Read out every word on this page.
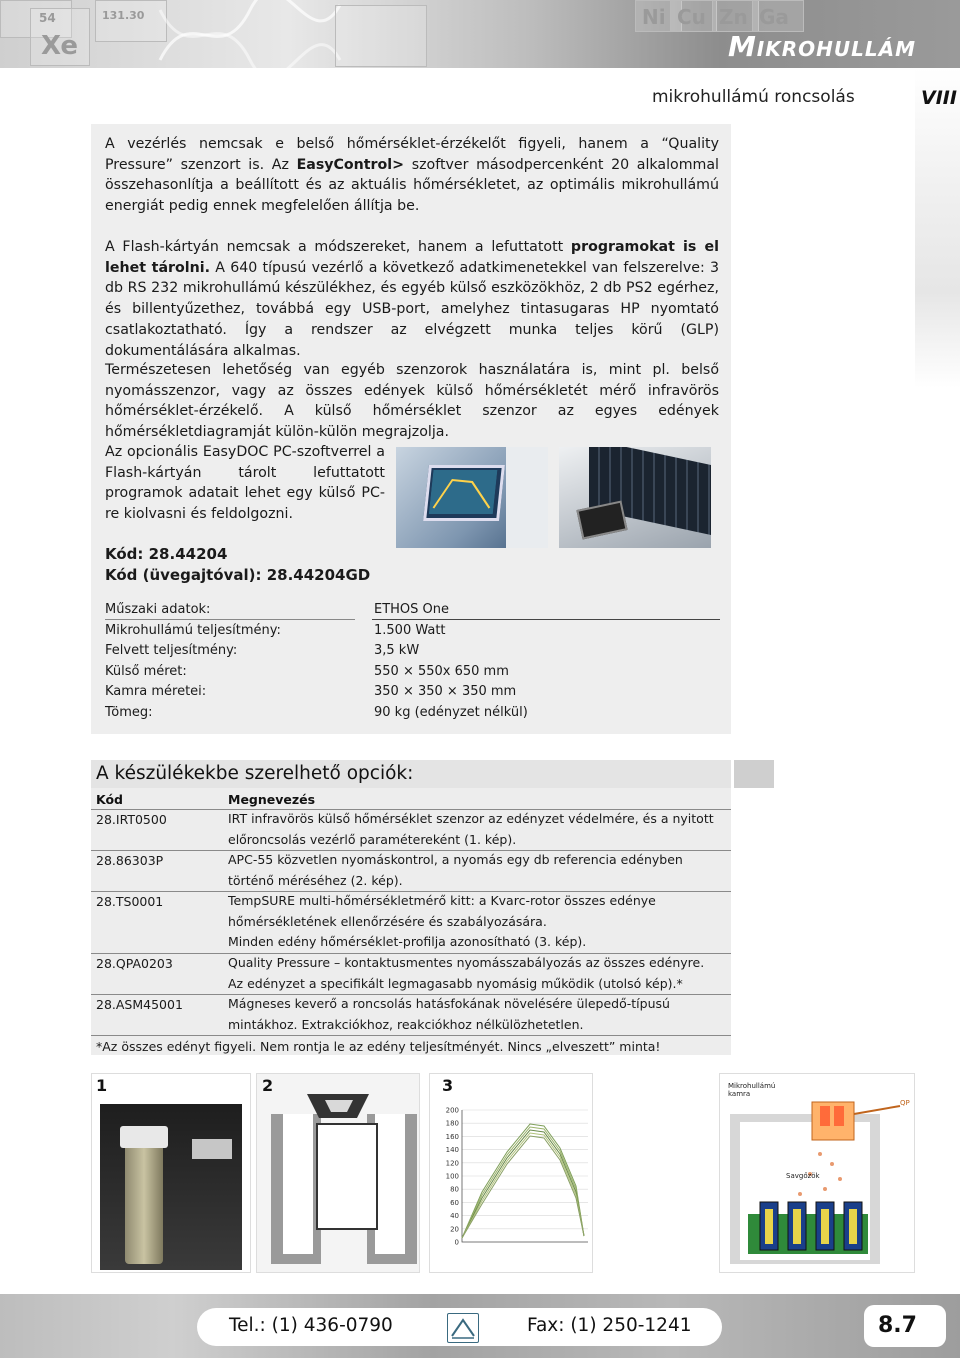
Xe
54	131.30	Ni Cu Zn Ga
Mikrohullám
mikrohullámú roncsolás	VIII
A vezérlés nemcsak e belső hőmérséklet-érzékelőt figyeli, hanem a “Quality Pressure” szenzort is. Az EasyControl> szoftver másodpercenként 20 alkalommal összehasonlítja a beállított és az aktuális hőmérsékletet, az optimális mikrohullámú energiát pedig ennek megfelelően állítja be.
A Flash-kártyán nemcsak a módszereket, hanem a lefuttatott programokat is el lehet tárolni. A 640 típusú vezérlő a következő adatkimenetekkel van felszerelve: 3 db RS 232 mikrohullámú készülékhez, és egyéb külső eszközökhöz, 2 db PS2 egérhez, és billentyűzethez, továbbá egy USB-port, amelyhez tintasugaras HP nyomtató csatlakoztatható. Így a rendszer az elvégzett munka teljes körű (GLP) dokumentálására alkalmas.
Természetesen lehetőség van egyéb szenzorok használatára is, mint pl. belső nyomásszenzor, vagy az összes edények külső hőmérsékletét mérő infravörös hőmérséklet-érzékelő. A külső hőmérséklet szenzor az egyes edények hőmérsékletdiagramját külön-külön megrajzolja.
Az opcionális EasyDOC PC-szoftverrel a Flash-kártyán tárolt lefuttatott programok adatait lehet egy külső PC-re kiolvasni és feldolgozni.
Kód: 28.44204
Kód (üvegajtóval): 28.44204GD
Műszaki adatok:	ETHOS One
Mikrohullámú teljesítmény:	1.500 Watt
Felvett teljesítmény:	3,5 kW
Külső méret:	550 × 550x 650 mm
Kamra méretei:	350 × 350 × 350 mm
Tömeg:	90 kg (edényzet nélkül)
A készülékekbe szerelhető opciók:
Kód	Megnevezés
28.IRT0500	IRT infravörös külső hőmérséklet szenzor az edényzet védelmére, és a nyitott
előroncsolás vezérlő paramétereként (1. kép).
28.86303P	APC-55 közvetlen nyomáskontrol, a nyomás egy db referencia edényben
történő méréséhez (2. kép).
28.TS0001	TempSURE multi-hőmérsékletmérő kitt: a Kvarc-rotor összes edénye
hőmérsékletének ellenőrzésére és szabályozására.
Minden edény hőmérséklet-profilja azonosítható (3. kép).
28.QPA0203	Quality Pressure – kontaktusmentes nyomásszabályozás az összes edényre.
Az edényzet a specifikált legmagasabb nyomásig működik (utolsó kép).*
28.ASM45001	Mágneses keverő a roncsolás hatásfokának növelésére ülepedő-típusú
mintákhoz. Extrakciókhoz, reakciókhoz nélkülözhetetlen.
*Az összes edényt figyeli. Nem rontja le az edény teljesítményét. Nincs „elveszett” minta!
1	2
200
180
160
140
120
100
80
60
40
20
0
3	Mikrohullámú kamra
Savgőzök
QP
Tel.: (1) 436-0790	Fax: (1) 250-1241	8.7
